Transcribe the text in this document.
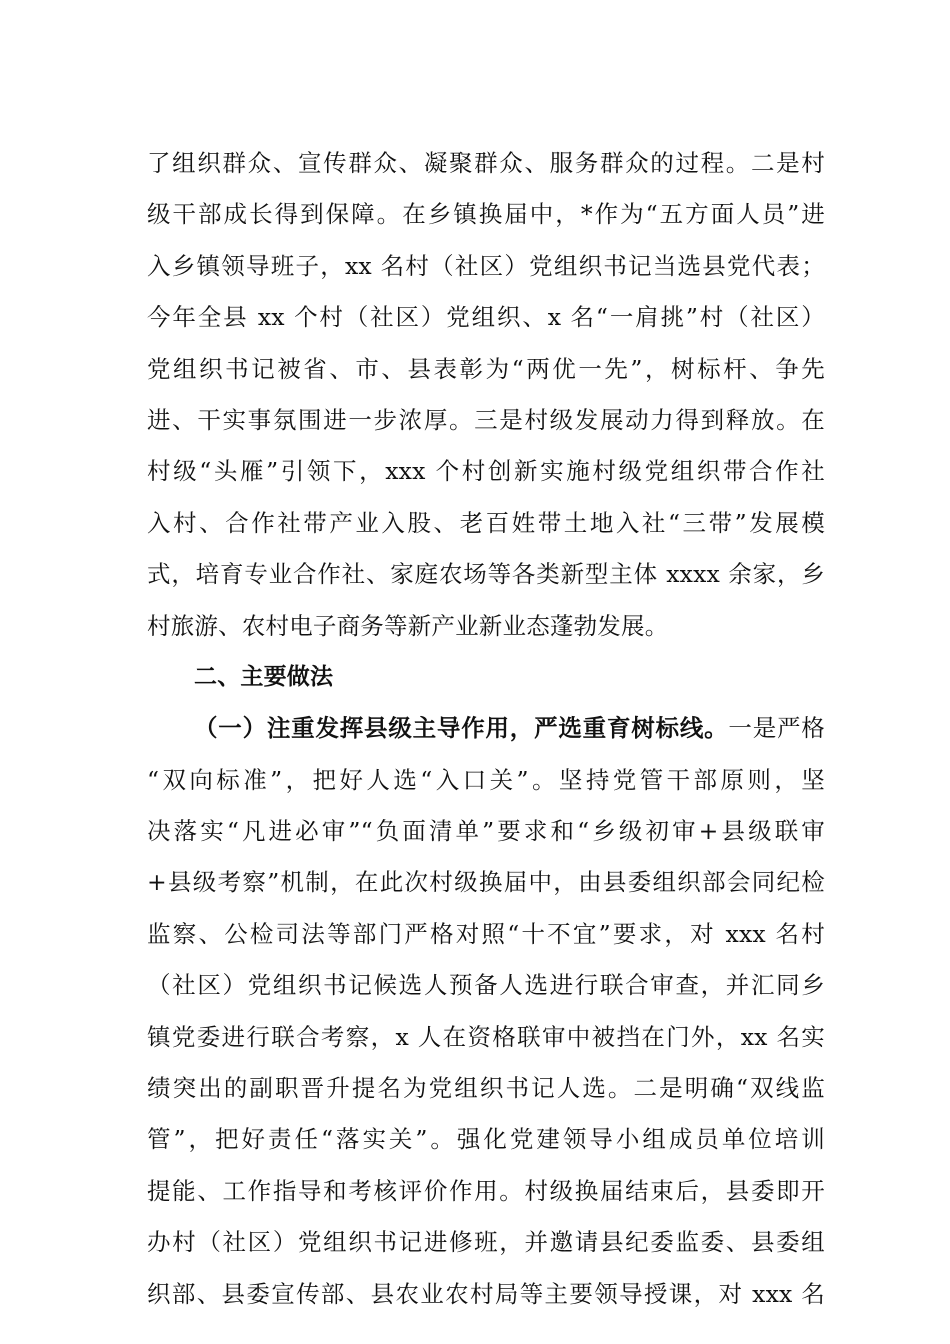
了组织群众、宣传群众、凝聚群众、服务群众的过程。二是村
级干部成长得到保障。在乡镇换届中，*作为“五方面人员”进
入乡镇领导班子，xx 名村（社区）党组织书记当选县党代表；
今年全县 xx 个村（社区）党组织、x 名“一肩挑”村（社区）
党组织书记被省、市、县表彰为“两优一先”，树标杆、争先
进、干实事氛围进一步浓厚。三是村级发展动力得到释放。在
村级“头雁”引领下，xxx 个村创新实施村级党组织带合作社
入村、合作社带产业入股、老百姓带土地入社“三带”发展模
式，培育专业合作社、家庭农场等各类新型主体 xxxx 余家，乡
村旅游、农村电子商务等新产业新业态蓬勃发展。
二、主要做法
（一）注重发挥县级主导作用，严选重育树标线。一是严格
“双向标准”，把好人选“入口关”。坚持党管干部原则，坚
决落实“凡进必审”“负面清单”要求和“乡级初审+县级联审
+县级考察”机制，在此次村级换届中，由县委组织部会同纪检
监察、公检司法等部门严格对照“十不宜”要求，对 xxx 名村
（社区）党组织书记候选人预备人选进行联合审查，并汇同乡
镇党委进行联合考察，x 人在资格联审中被挡在门外，xx 名实
绩突出的副职晋升提名为党组织书记人选。二是明确“双线监
管”，把好责任“落实关”。强化党建领导小组成员单位培训
提能、工作指导和考核评价作用。村级换届结束后，县委即开
办村（社区）党组织书记进修班，并邀请县纪委监委、县委组
织部、县委宣传部、县农业农村局等主要领导授课，对 xxx 名
